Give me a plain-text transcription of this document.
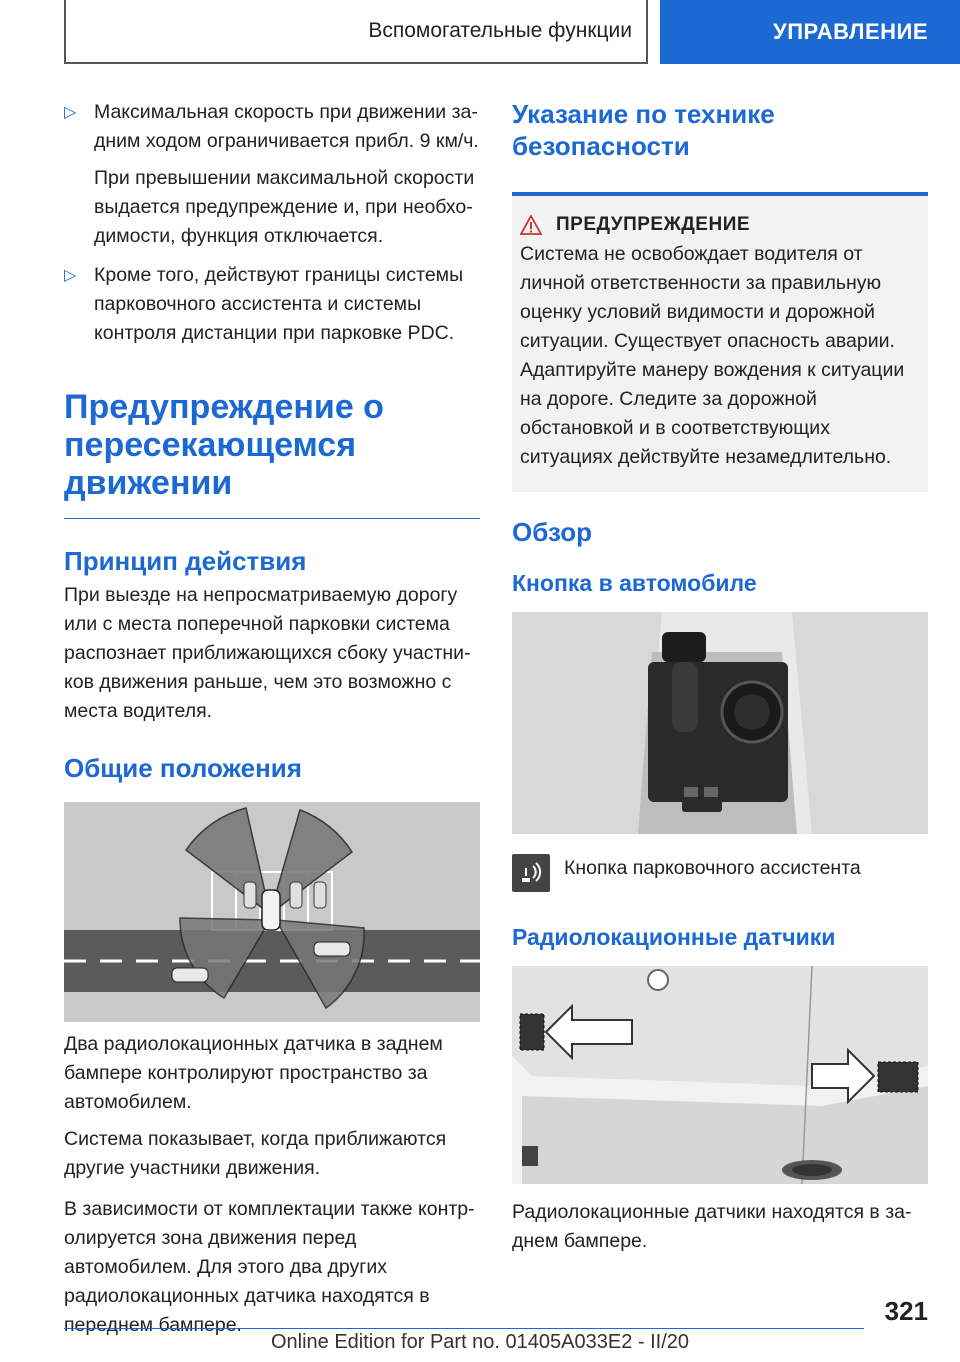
Вспомогательные функции	УПРАВЛЕНИЕ
▷ Максимальная скорость при движении задним ходом ограничивается прибл. 9 км/ч.

При превышении максимальной скорости выдается предупреждение и, при необходимости, функция отключается.

▷ Кроме того, действуют границы системы парковочного ассистента и системы контроля дистанции при парковке PDC.

Предупреждение о пересекающемся движении
Принцип действия

При выезде на непросматриваемую дорогу или с места поперечной парковки система распознает приближающихся сбоку участников движения раньше, чем это возможно с места водителя.

Общие положения

Два радиолокационных датчика в заднем бампере контролируют пространство за автомобилем.

Система показывает, когда приближаются другие участники движения.

В зависимости от комплектации также контролируется зона движения перед автомобилем. Для этого два других радиолокационных датчика находятся в переднем бампере.

Указание по технике безопасности
ПРЕДУПРЕЖДЕНИЕ

Система не освобождает водителя от личной ответственности за правильную оценку условий видимости и дорожной ситуации. Существует опасность аварии. Адаптируйте манеру вождения к ситуации на дороге. Следите за дорожной обстановкой и в соответствующих ситуациях действуйте незамедлительно.

Обзор
Кнопка в автомобиле

Кнопка парковочного ассистента

Радиолокационные датчики

Радиолокационные датчики находятся в заднем бампере.

321
Online Edition for Part no. 01405A033E2 - II/20
